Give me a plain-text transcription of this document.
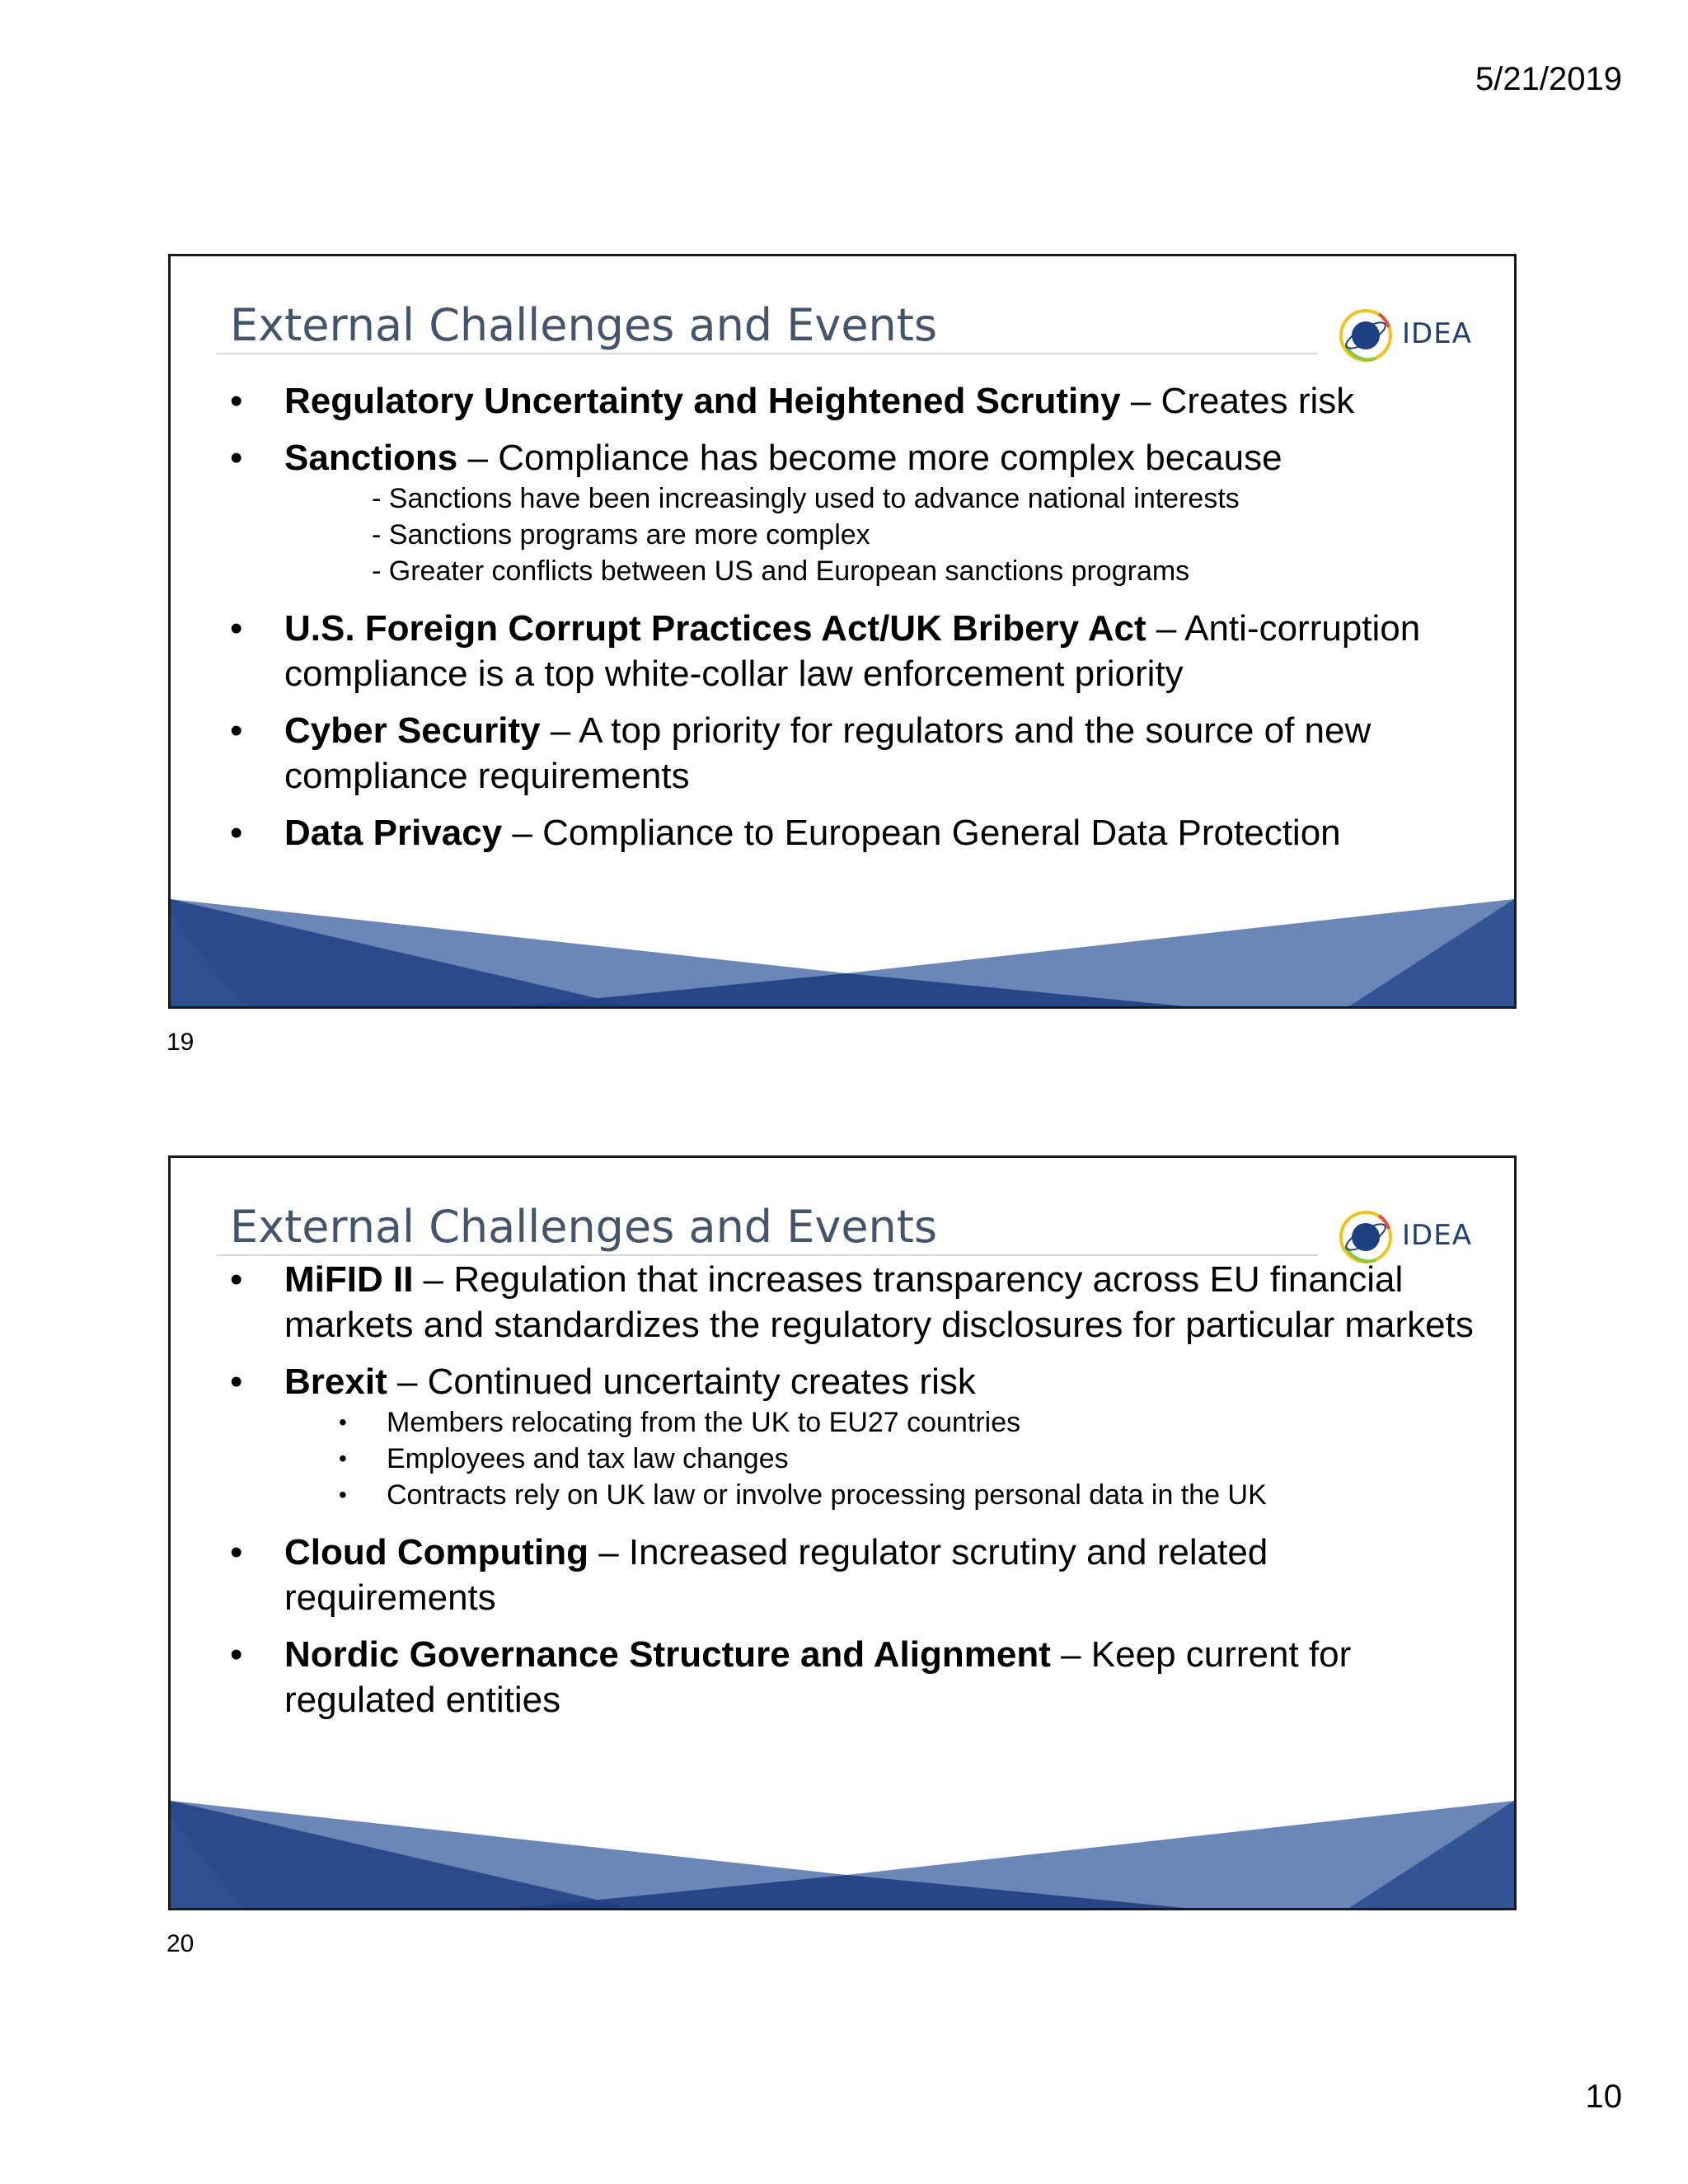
5/21/2019
External Challenges and Events	IDEA
• Regulatory Uncertainty and Heightened Scrutiny – Creates risk
• Sanctions – Compliance has become more complex because
- Sanctions have been increasingly used to advance national interests
- Sanctions programs are more complex
- Greater conflicts between US and European sanctions programs
• U.S. Foreign Corrupt Practices Act/UK Bribery Act – Anti-corruption compliance is a top white-collar law enforcement priority
• Cyber Security – A top priority for regulators and the source of new compliance requirements
• Data Privacy – Compliance to European General Data Protection
19
External Challenges and Events	IDEA
• MiFID II – Regulation that increases transparency across EU financial markets and standardizes the regulatory disclosures for particular markets
• Brexit – Continued uncertainty creates risk
• Members relocating from the UK to EU27 countries
• Employees and tax law changes
• Contracts rely on UK law or involve processing personal data in the UK
• Cloud Computing – Increased regulator scrutiny and related requirements
• Nordic Governance Structure and Alignment – Keep current for regulated entities
20
10
